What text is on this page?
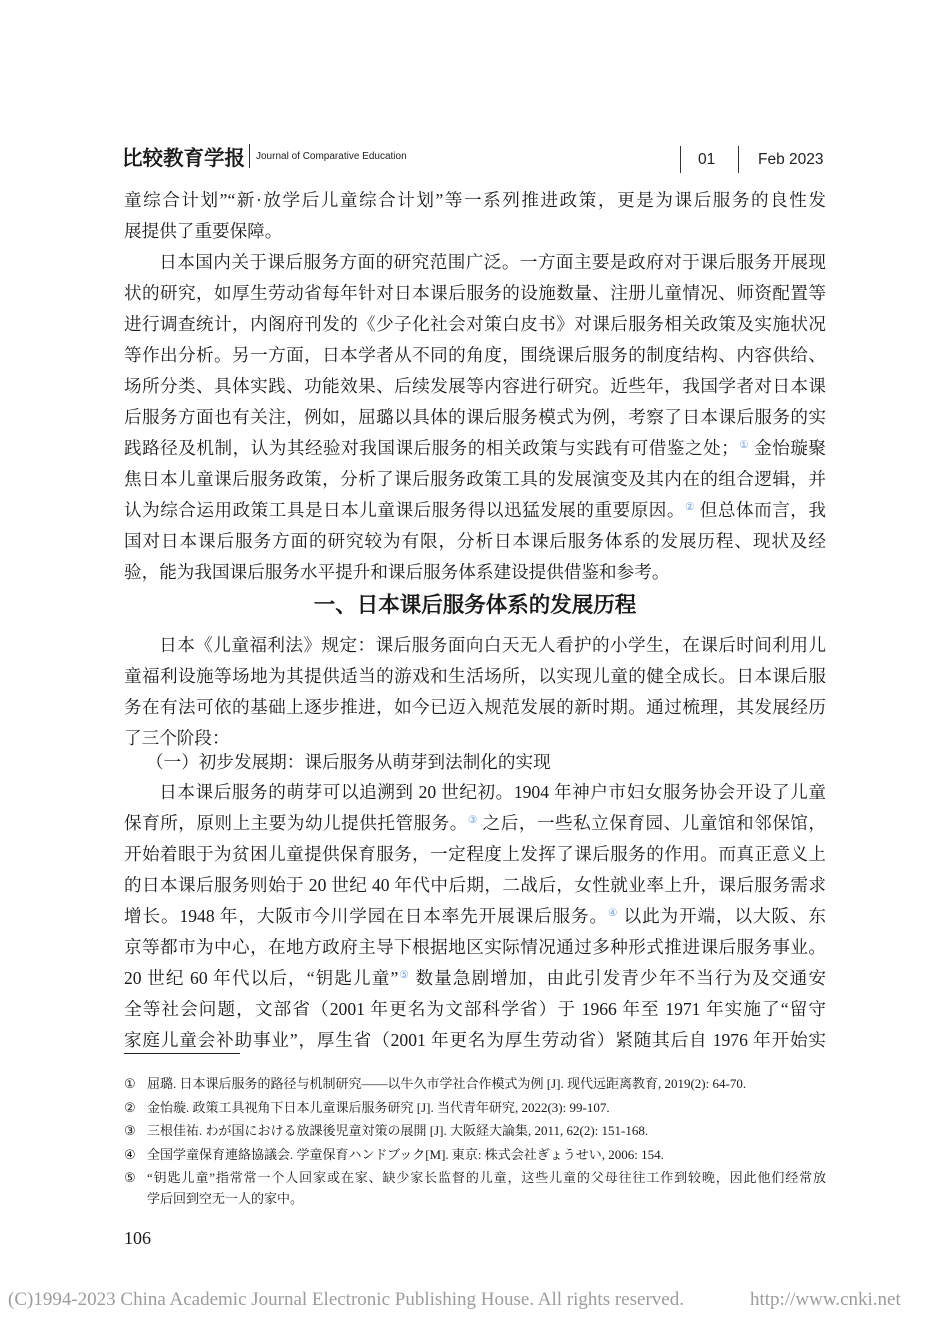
比较教育学报 Journal of Comparative Education	01	Feb 2023
童综合计划”“新·放学后儿童综合计划”等一系列推进政策，更是为课后服务的良性发
展提供了重要保障。
日本国内关于课后服务方面的研究范围广泛。一方面主要是政府对于课后服务开展现
状的研究，如厚生劳动省每年针对日本课后服务的设施数量、注册儿童情况、师资配置等
进行调查统计，内阁府刊发的《少子化社会对策白皮书》对课后服务相关政策及实施状况
等作出分析。另一方面，日本学者从不同的角度，围绕课后服务的制度结构、内容供给、
场所分类、具体实践、功能效果、后续发展等内容进行研究。近些年，我国学者对日本课
后服务方面也有关注，例如，屈璐以具体的课后服务模式为例，考察了日本课后服务的实
践路径及机制，认为其经验对我国课后服务的相关政策与实践有可借鉴之处；① 金怡璇聚
焦日本儿童课后服务政策，分析了课后服务政策工具的发展演变及其内在的组合逻辑，并
认为综合运用政策工具是日本儿童课后服务得以迅猛发展的重要原因。② 但总体而言，我
国对日本课后服务方面的研究较为有限，分析日本课后服务体系的发展历程、现状及经
验，能为我国课后服务水平提升和课后服务体系建设提供借鉴和参考。
一、日本课后服务体系的发展历程
日本《儿童福利法》规定：课后服务面向白天无人看护的小学生，在课后时间利用儿
童福利设施等场地为其提供适当的游戏和生活场所，以实现儿童的健全成长。日本课后服
务在有法可依的基础上逐步推进，如今已迈入规范发展的新时期。通过梳理，其发展经历
了三个阶段：
（一）初步发展期：课后服务从萌芽到法制化的实现
日本课后服务的萌芽可以追溯到 20 世纪初。1904 年神户市妇女服务协会开设了儿童
保育所，原则上主要为幼儿提供托管服务。③ 之后，一些私立保育园、儿童馆和邻保馆，
开始着眼于为贫困儿童提供保育服务，一定程度上发挥了课后服务的作用。而真正意义上
的日本课后服务则始于 20 世纪 40 年代中后期，二战后，女性就业率上升，课后服务需求
增长。1948 年，大阪市今川学园在日本率先开展课后服务。④ 以此为开端，以大阪、东
京等都市为中心，在地方政府主导下根据地区实际情况通过多种形式推进课后服务事业。
20 世纪 60 年代以后，“钥匙儿童”⑤ 数量急剧增加，由此引发青少年不当行为及交通安
全等社会问题，文部省（2001 年更名为文部科学省）于 1966 年至 1971 年实施了“留守
家庭儿童会补助事业”，厚生省（2001 年更名为厚生劳动省）紧随其后自 1976 年开始实
① 屈璐. 日本课后服务的路径与机制研究——以牛久市学社合作模式为例 [J]. 现代远距离教育, 2019(2): 64-70.
② 金怡璇. 政策工具视角下日本儿童课后服务研究 [J]. 当代青年研究, 2022(3): 99-107.
③ 三根佳祐. わが国における放課後児童対策の展開 [J]. 大阪経大論集, 2011, 62(2): 151-168.
④ 全国学童保育連絡協議会. 学童保育ハンドブック[M]. 東京: 株式会社ぎょうせい, 2006: 154.
⑤ “钥匙儿童”指常常一个人回家或在家、缺少家长监督的儿童，这些儿童的父母往往工作到较晚，因此他们经常放
学后回到空无一人的家中。
106
(C)1994-2023 China Academic Journal Electronic Publishing House. All rights reserved.	http://www.cnki.net
